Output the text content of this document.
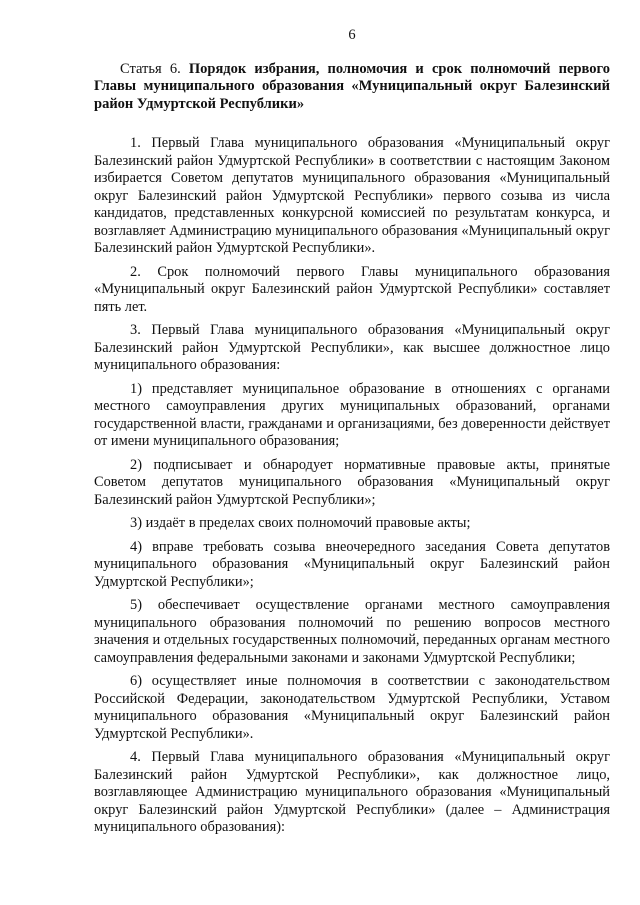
6

Статья 6. Порядок избрания, полномочия и срок полномочий первого Главы муниципального образования «Муниципальный округ Балезинский район Удмуртской Республики»

1. Первый Глава муниципального образования «Муниципальный округ Балезинский район Удмуртской Республики» в соответствии с настоящим Законом избирается Советом депутатов муниципального образования «Муниципальный округ Балезинский район Удмуртской Республики» первого созыва из числа кандидатов, представленных конкурсной комиссией по результатам конкурса, и возглавляет Администрацию муниципального образования «Муниципальный округ Балезинский район Удмуртской Республики».

2. Срок полномочий первого Главы муниципального образования «Муниципальный округ Балезинский район Удмуртской Республики» составляет пять лет.

3. Первый Глава муниципального образования «Муниципальный округ Балезинский район Удмуртской Республики», как высшее должностное лицо муниципального образования:

1) представляет муниципальное образование в отношениях с органами местного самоуправления других муниципальных образований, органами государственной власти, гражданами и организациями, без доверенности действует от имени муниципального образования;

2) подписывает и обнародует нормативные правовые акты, принятые Советом депутатов муниципального образования «Муниципальный округ Балезинский район Удмуртской Республики»;

3) издаёт в пределах своих полномочий правовые акты;

4) вправе требовать созыва внеочередного заседания Совета депутатов муниципального образования «Муниципальный округ Балезинский район Удмуртской Республики»;

5) обеспечивает осуществление органами местного самоуправления муниципального образования полномочий по решению вопросов местного значения и отдельных государственных полномочий, переданных органам местного самоуправления федеральными законами и законами Удмуртской Республики;

6) осуществляет иные полномочия в соответствии с законодательством Российской Федерации, законодательством Удмуртской Республики, Уставом муниципального образования «Муниципальный округ Балезинский район Удмуртской Республики».

4. Первый Глава муниципального образования «Муниципальный округ Балезинский район Удмуртской Республики», как должностное лицо, возглавляющее Администрацию муниципального образования «Муниципальный округ Балезинский район Удмуртской Республики» (далее – Администрация муниципального образования):
